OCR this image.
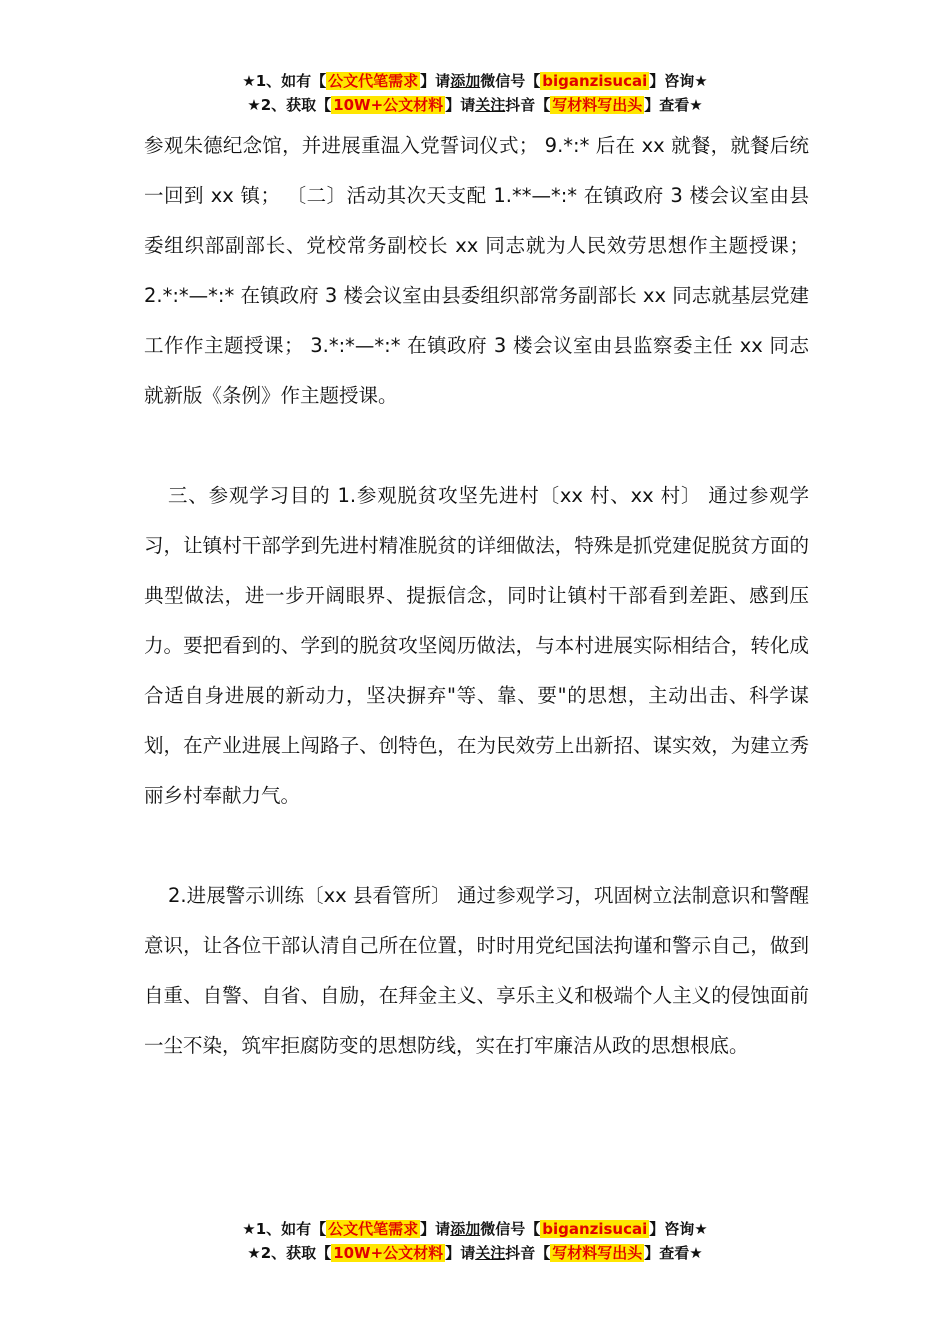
★1、如有【 公文代笔需求 】请添加微信号【 biganzisucai 】咨询★
★2、获取【 10W+公文材料 】请关注抖音【 写材料写出头 】查看★

参观朱德纪念馆，并进展重温入党誓词仪式； 9.*:* 后在 xx 就餐，就餐后统一回到 xx 镇； 〔二〕活动其次天支配 1.**—*:* 在镇政府 3 楼会议室由县委组织部副部长、党校常务副校长 xx 同志就为人民效劳思想作主题授课； 2.*:*—*:* 在镇政府 3 楼会议室由县委组织部常务副部长 xx 同志就基层党建工作作主题授课； 3.*:*—*:* 在镇政府 3 楼会议室由县监察委主任 xx 同志就新版《条例》作主题授课。

三、参观学习目的 1.参观脱贫攻坚先进村〔xx 村、xx 村〕 通过参观学习，让镇村干部学到先进村精准脱贫的详细做法，特殊是抓党建促脱贫方面的典型做法，进一步开阔眼界、提振信念，同时让镇村干部看到差距、感到压力。要把看到的、学到的脱贫攻坚阅历做法，与本村进展实际相结合，转化成合适自身进展的新动力，坚决摒弃"等、靠、要"的思想，主动出击、科学谋划，在产业进展上闯路子、创特色，在为民效劳上出新招、谋实效，为建立秀丽乡村奉献力气。

2.进展警示训练〔xx 县看管所〕 通过参观学习，巩固树立法制意识和警醒意识，让各位干部认清自己所在位置，时时用党纪国法拘谨和警示自己，做到自重、自警、自省、自励，在拜金主义、享乐主义和极端个人主义的侵蚀面前一尘不染，筑牢拒腐防变的思想防线，实在打牢廉洁从政的思想根底。

★1、如有【 公文代笔需求 】请添加微信号【 biganzisucai 】咨询★
★2、获取【 10W+公文材料 】请关注抖音【 写材料写出头 】查看★
